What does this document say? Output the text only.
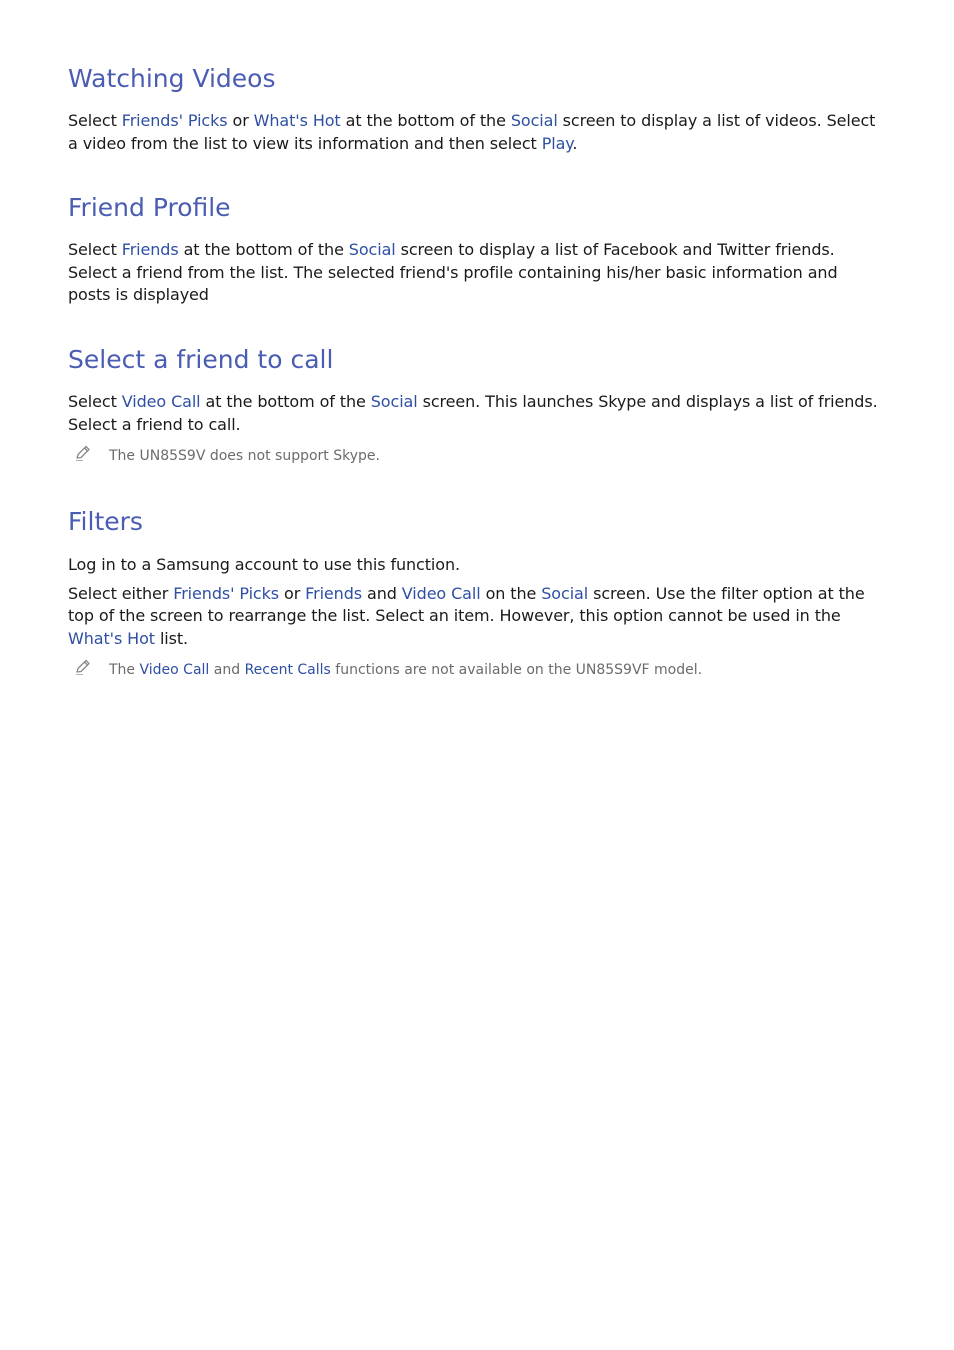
Watching Videos

Select Friends' Picks or What's Hot at the bottom of the Social screen to display a list of videos. Select a video from the list to view its information and then select Play.

Friend Profile

Select Friends at the bottom of the Social screen to display a list of Facebook and Twitter friends. Select a friend from the list. The selected friend's profile containing his/her basic information and posts is displayed

Select a friend to call

Select Video Call at the bottom of the Social screen. This launches Skype and displays a list of friends. Select a friend to call.

The UN85S9V does not support Skype.
Filters

Log in to a Samsung account to use this function.

Select either Friends' Picks or Friends and Video Call on the Social screen. Use the filter option at the top of the screen to rearrange the list. Select an item. However, this option cannot be used in the What's Hot list.

The Video Call and Recent Calls functions are not available on the UN85S9VF model.
